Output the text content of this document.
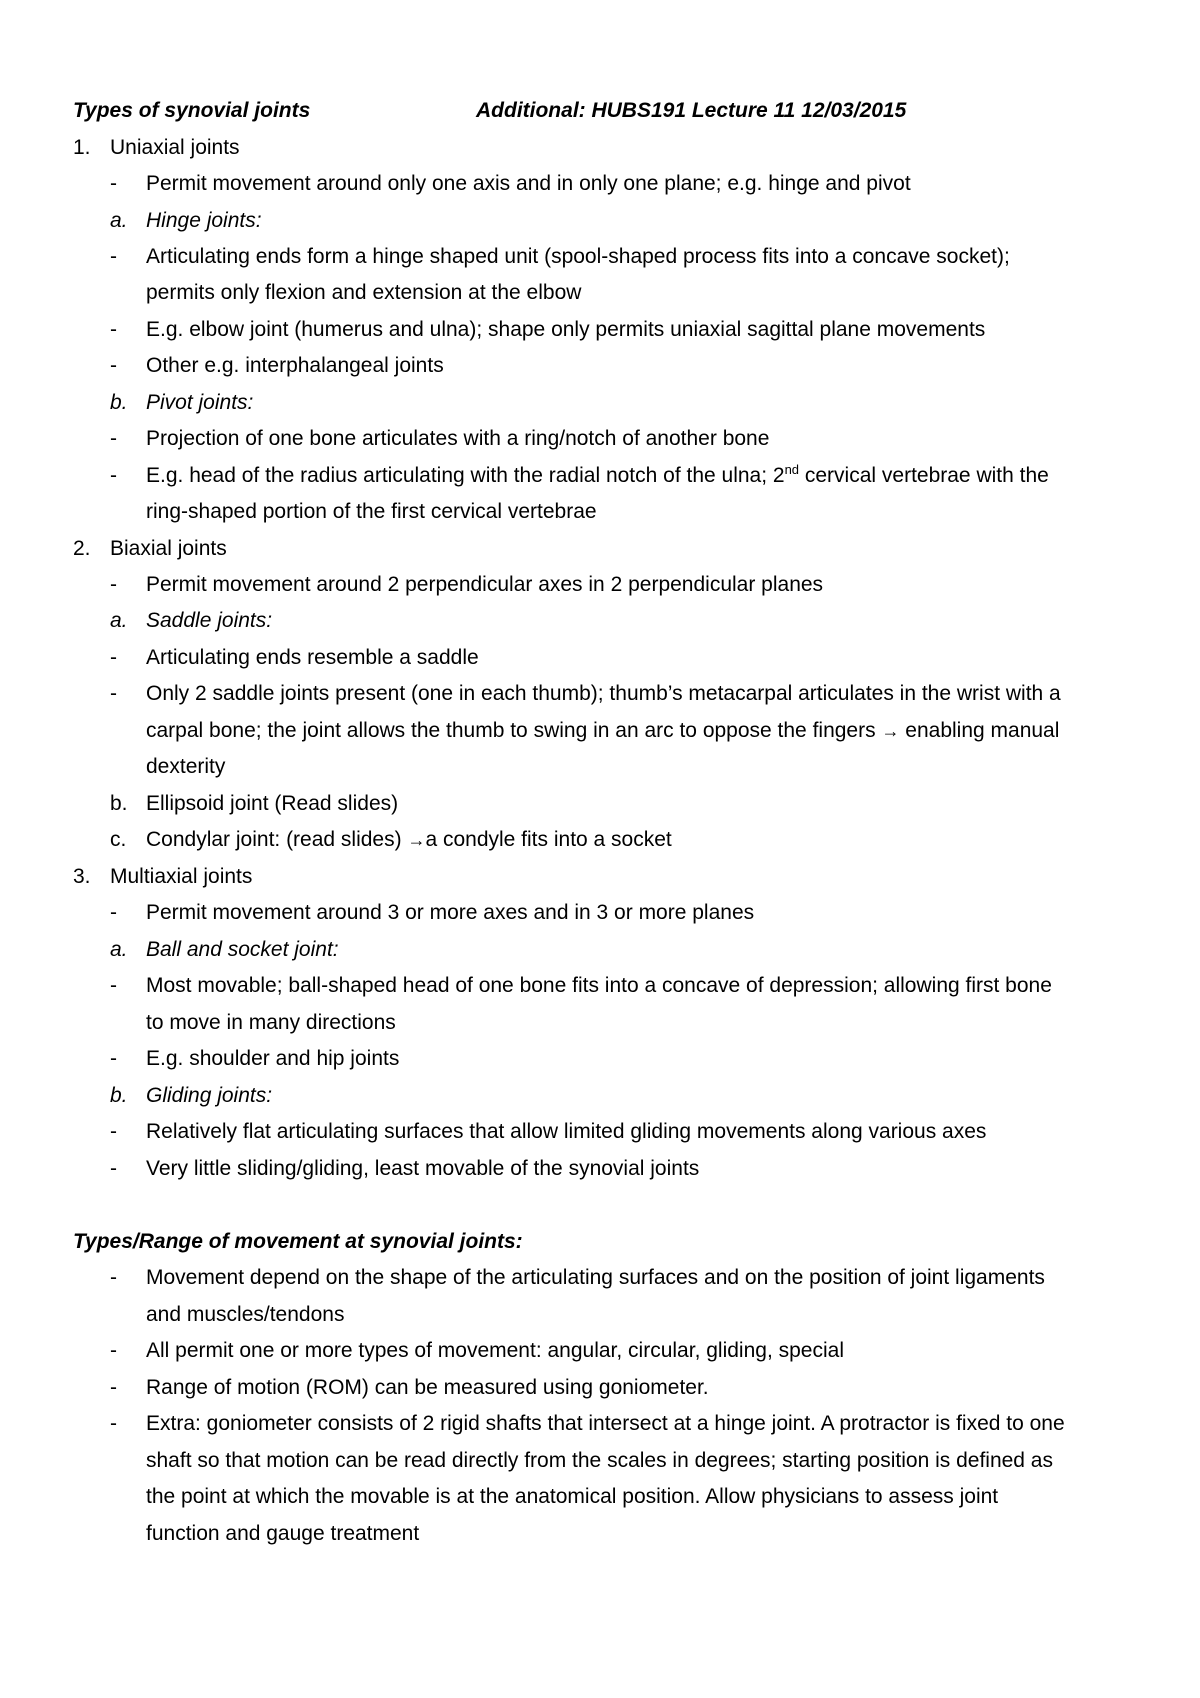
Types of synovial joints	Additional: HUBS191 Lecture 11 12/03/2015
1. Uniaxial joints
- Permit movement around only one axis and in only one plane; e.g. hinge and pivot
a. Hinge joints:
- Articulating ends form a hinge shaped unit (spool-shaped process fits into a concave socket);
permits only flexion and extension at the elbow
- E.g. elbow joint (humerus and ulna); shape only permits uniaxial sagittal plane movements
- Other e.g. interphalangeal joints
b. Pivot joints:
- Projection of one bone articulates with a ring/notch of another bone
- E.g. head of the radius articulating with the radial notch of the ulna; 2nd cervical vertebrae with the
ring-shaped portion of the first cervical vertebrae
2. Biaxial joints
- Permit movement around 2 perpendicular axes in 2 perpendicular planes
a. Saddle joints:
- Articulating ends resemble a saddle
- Only 2 saddle joints present (one in each thumb); thumb’s metacarpal articulates in the wrist with a
carpal bone; the joint allows the thumb to swing in an arc to oppose the fingers → enabling manual
dexterity
b. Ellipsoid joint (Read slides)
c. Condylar joint: (read slides) →a condyle fits into a socket
3. Multiaxial joints
- Permit movement around 3 or more axes and in 3 or more planes
a. Ball and socket joint:
- Most movable; ball-shaped head of one bone fits into a concave of depression; allowing first bone
to move in many directions
- E.g. shoulder and hip joints
b. Gliding joints:
- Relatively flat articulating surfaces that allow limited gliding movements along various axes
- Very little sliding/gliding, least movable of the synovial joints
Types/Range of movement at synovial joints:
- Movement depend on the shape of the articulating surfaces and on the position of joint ligaments
and muscles/tendons
- All permit one or more types of movement: angular, circular, gliding, special
- Range of motion (ROM) can be measured using goniometer.
- Extra: goniometer consists of 2 rigid shafts that intersect at a hinge joint. A protractor is fixed to one
shaft so that motion can be read directly from the scales in degrees; starting position is defined as
the point at which the movable is at the anatomical position. Allow physicians to assess joint
function and gauge treatment
